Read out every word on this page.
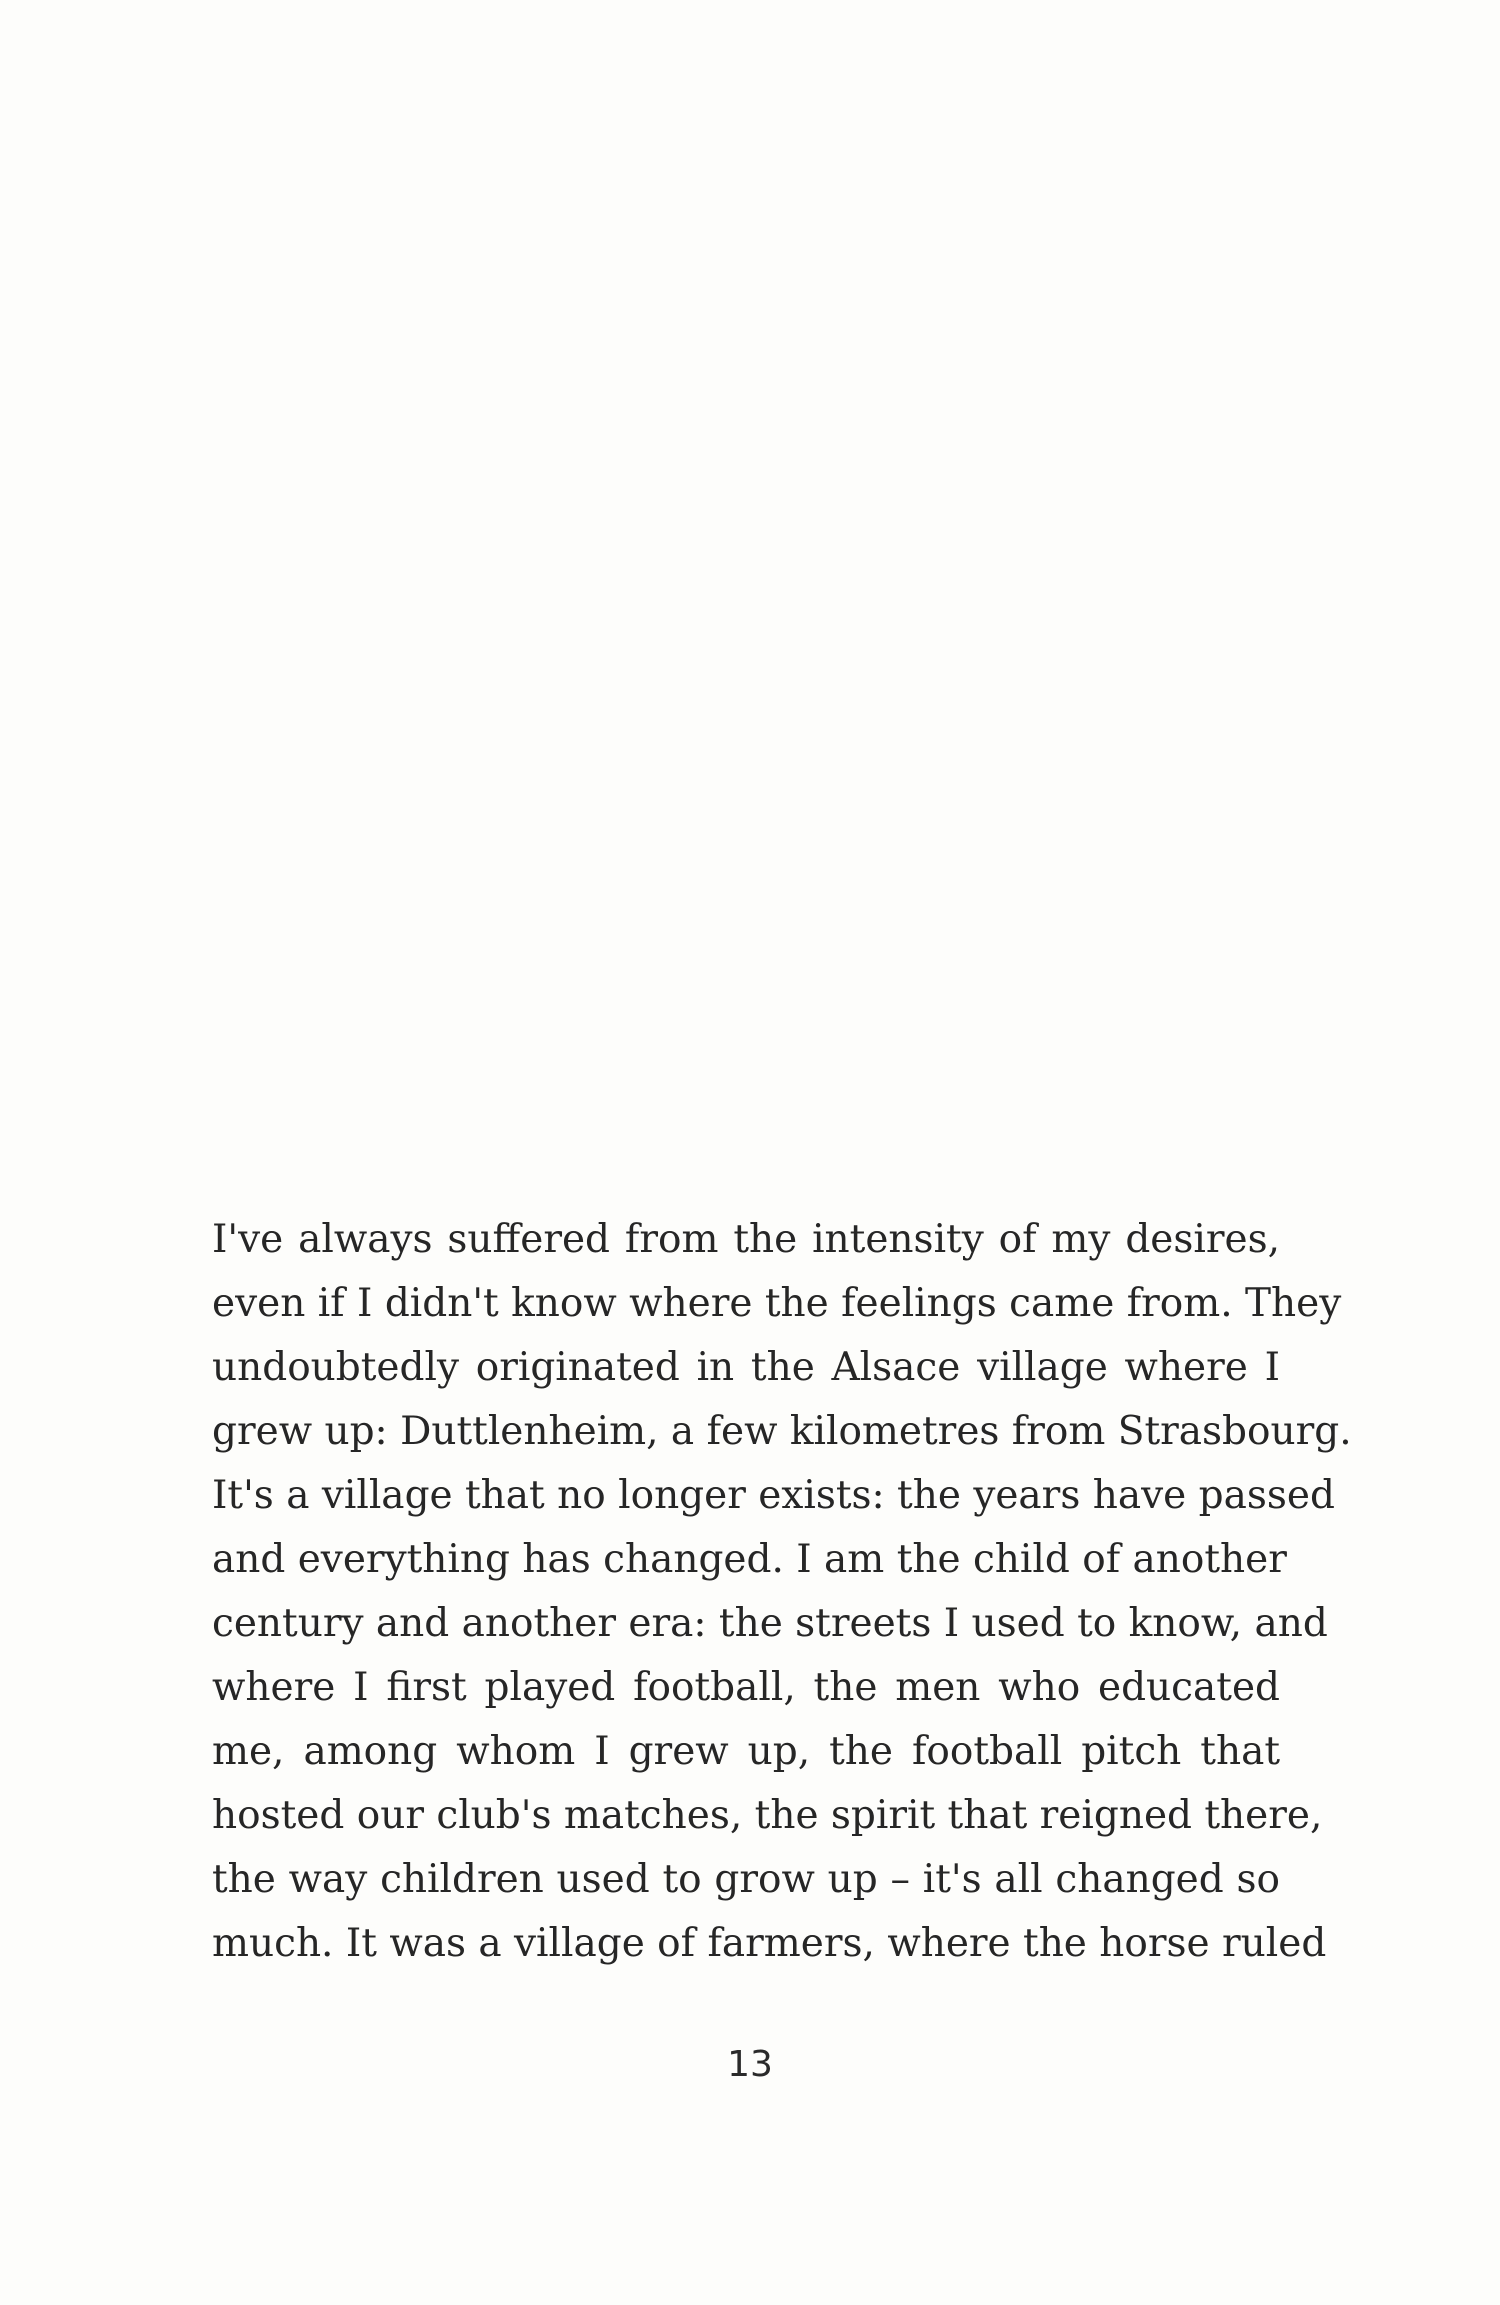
I've always suffered from the intensity of my desires,
even if I didn't know where the feelings came from. They
undoubtedly originated in the Alsace village where I
grew up: Duttlenheim, a few kilometres from Strasbourg.
It's a village that no longer exists: the years have passed
and everything has changed. I am the child of another
century and another era: the streets I used to know, and
where I first played football, the men who educated
me, among whom I grew up, the football pitch that
hosted our club's matches, the spirit that reigned there,
the way children used to grow up – it's all changed so
much. It was a village of farmers, where the horse ruled
13
